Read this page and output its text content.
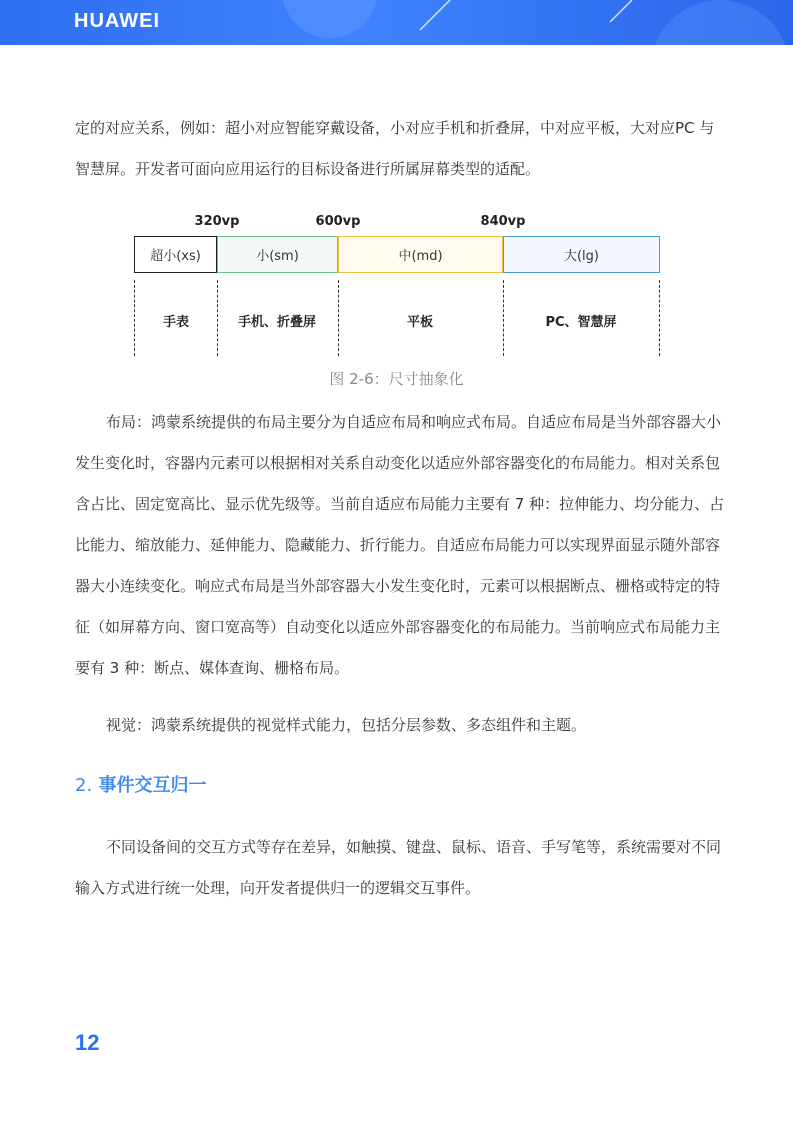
HUAWEI

定的对应关系，例如：超小对应智能穿戴设备，小对应手机和折叠屏，中对应平板，大对应PC 与智慧屏。开发者可面向应用运行的目标设备进行所属屏幕类型的适配。

320vp	600vp	840vp
超小(xs)	小(sm)	中(md)	大(lg)
手表	手机、折叠屏	平板	PC、智慧屏
图 2-6：尺寸抽象化

布局：鸿蒙系统提供的布局主要分为自适应布局和响应式布局。自适应布局是当外部容器大小发生变化时，容器内元素可以根据相对关系自动变化以适应外部容器变化的布局能力。相对关系包含占比、固定宽高比、显示优先级等。当前自适应布局能力主要有 7 种：拉伸能力、均分能力、占比能力、缩放能力、延伸能力、隐藏能力、折行能力。自适应布局能力可以实现界面显示随外部容器大小连续变化。响应式布局是当外部容器大小发生变化时，元素可以根据断点、栅格或特定的特征（如屏幕方向、窗口宽高等）自动变化以适应外部容器变化的布局能力。当前响应式布局能力主要有 3 种：断点、媒体查询、栅格布局。

视觉：鸿蒙系统提供的视觉样式能力，包括分层参数、多态组件和主题。

2. 事件交互归一

不同设备间的交互方式等存在差异，如触摸、键盘、鼠标、语音、手写笔等，系统需要对不同输入方式进行统一处理，向开发者提供归一的逻辑交互事件。

12
